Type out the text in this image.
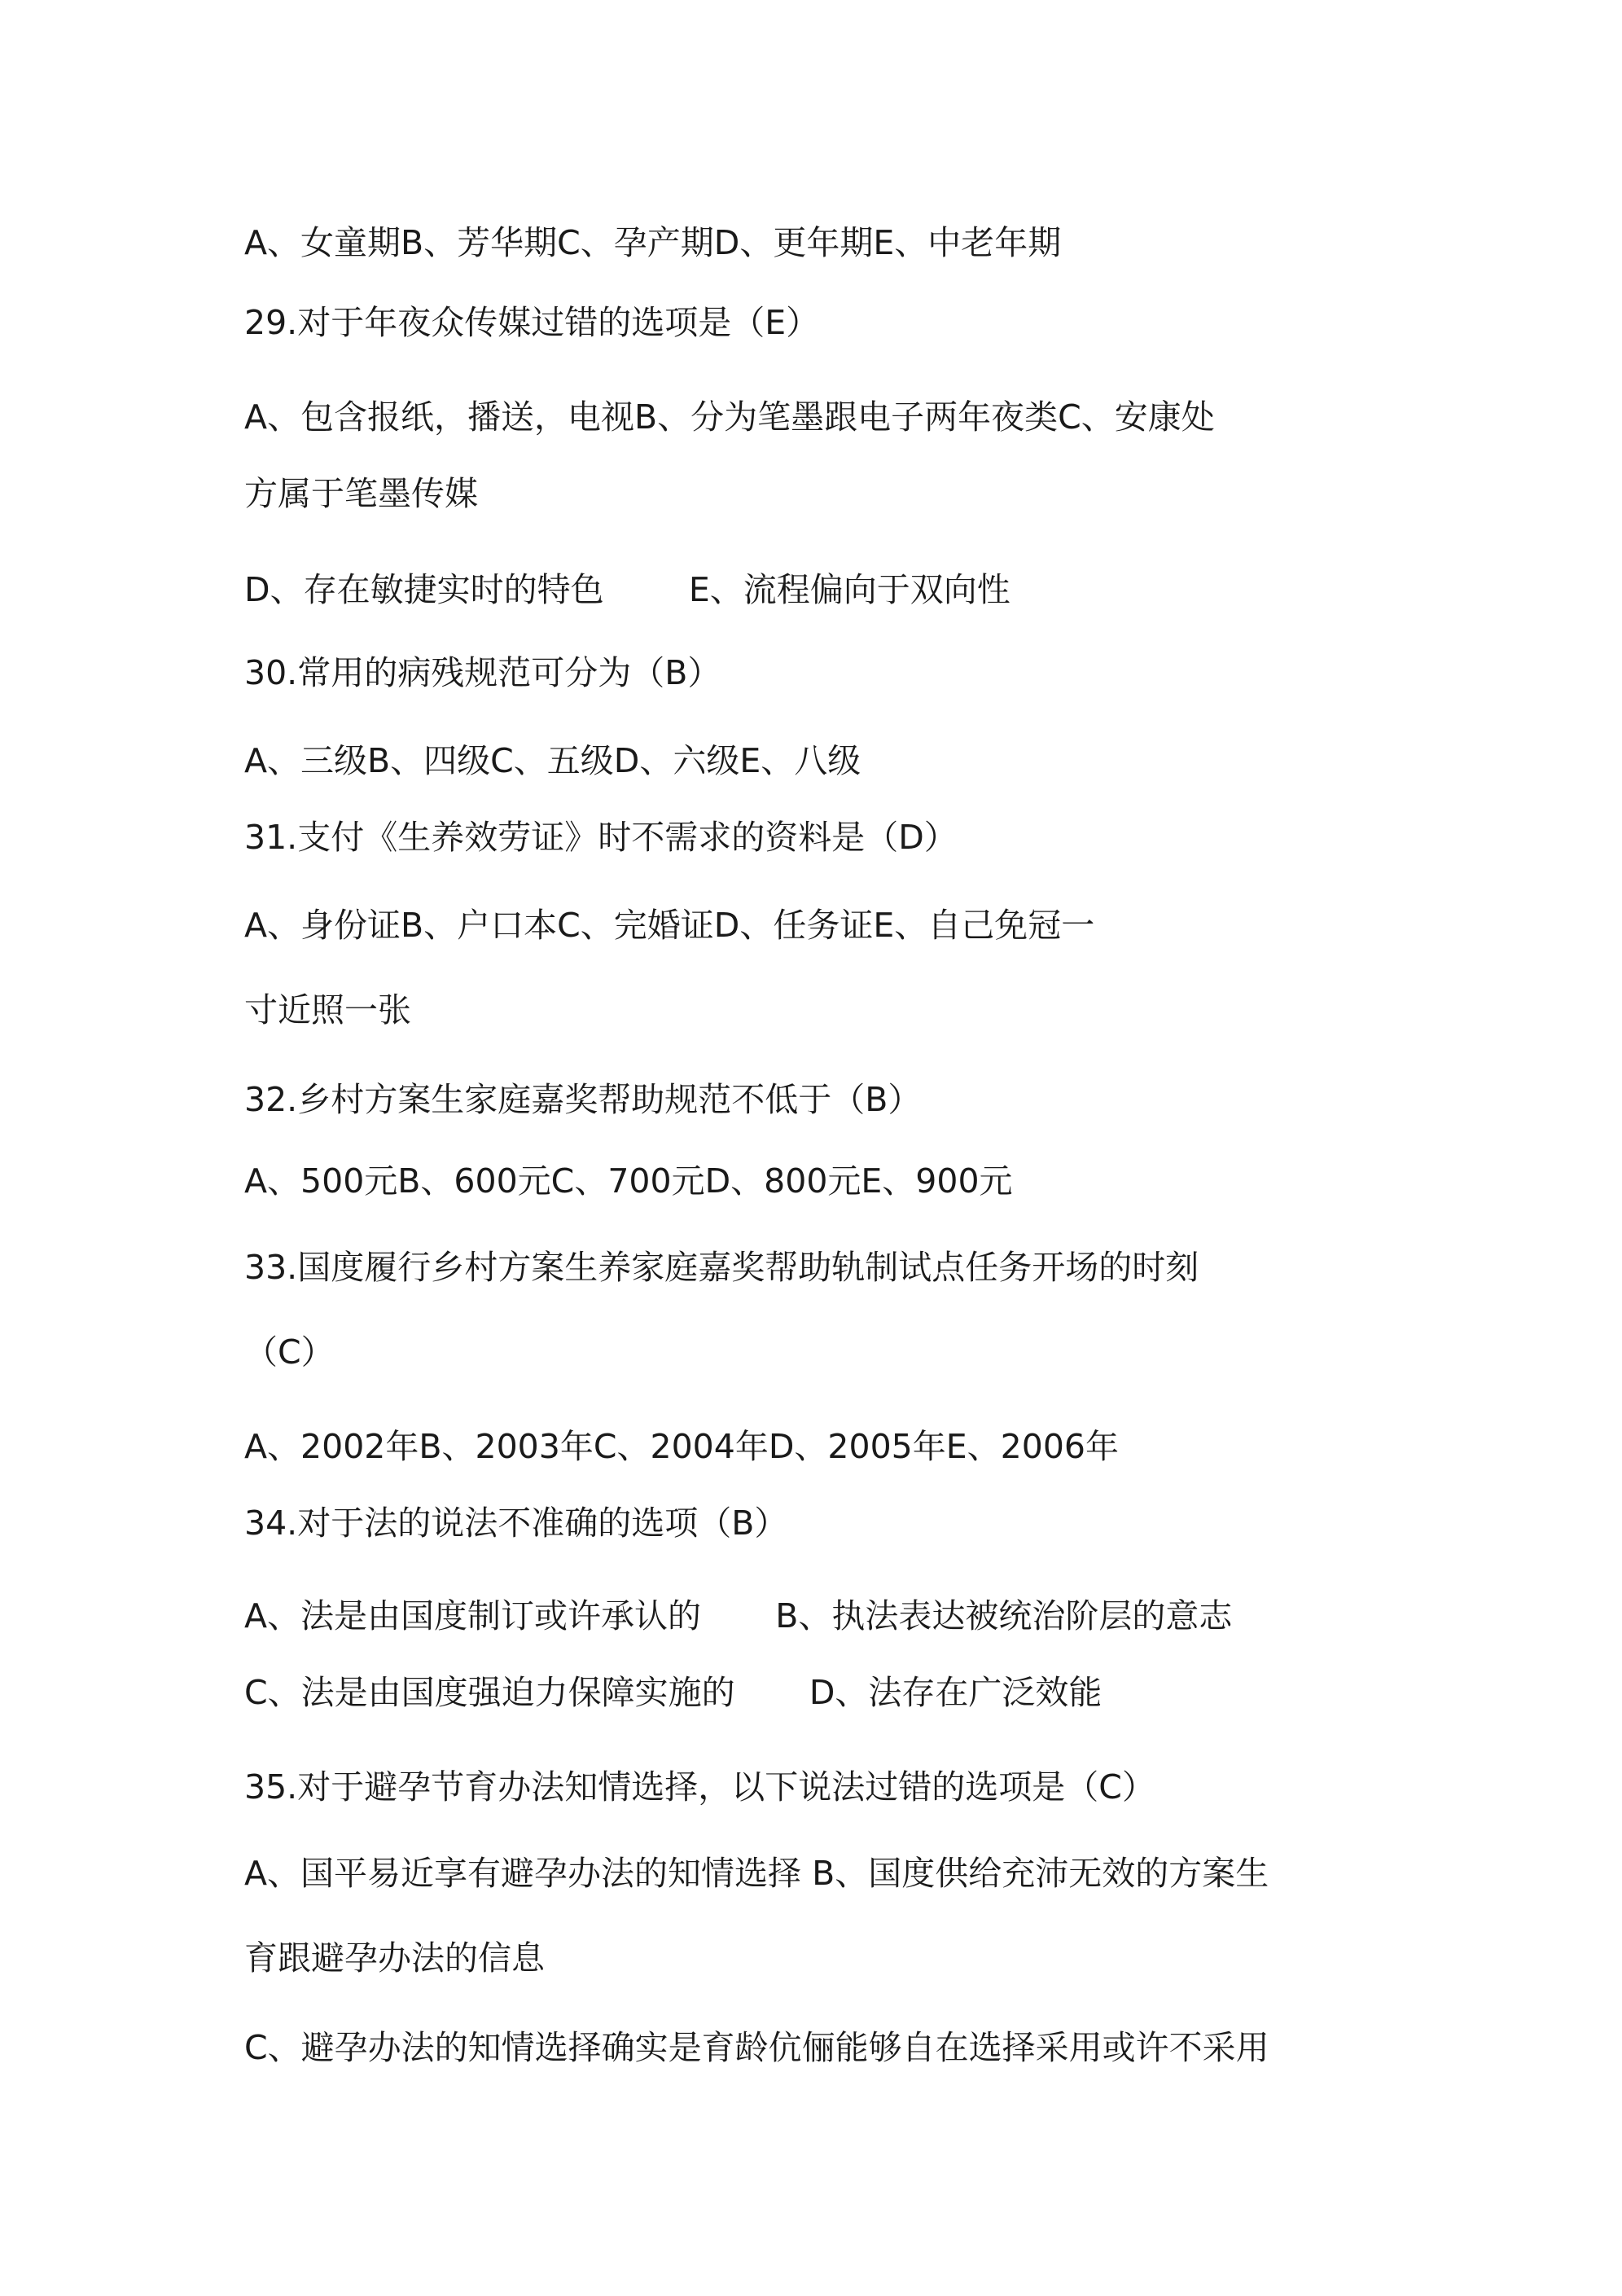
A、女童期B、芳华期C、孕产期D、更年期E、中老年期
29.对于年夜众传媒过错的选项是（E）
A、包含报纸，播送，电视B、分为笔墨跟电子两年夜类C、安康处
方属于笔墨传媒
D、存在敏捷实时的特色        E、流程偏向于双向性
30.常用的病残规范可分为（B）
A、三级B、四级C、五级D、六级E、八级
31.支付《生养效劳证》时不需求的资料是（D）
A、身份证B、户口本C、完婚证D、任务证E、自己免冠一
寸近照一张
32.乡村方案生家庭嘉奖帮助规范不低于（B）
A、500元B、600元C、700元D、800元E、900元
33.国度履行乡村方案生养家庭嘉奖帮助轨制试点任务开场的时刻
（C）
A、2002年B、2003年C、2004年D、2005年E、2006年
34.对于法的说法不准确的选项（B）
A、法是由国度制订或许承认的       B、执法表达被统治阶层的意志
C、法是由国度强迫力保障实施的       D、法存在广泛效能
35.对于避孕节育办法知情选择，以下说法过错的选项是（C）
A、国平易近享有避孕办法的知情选择 B、国度供给充沛无效的方案生
育跟避孕办法的信息
C、避孕办法的知情选择确实是育龄伉俪能够自在选择采用或许不采用
